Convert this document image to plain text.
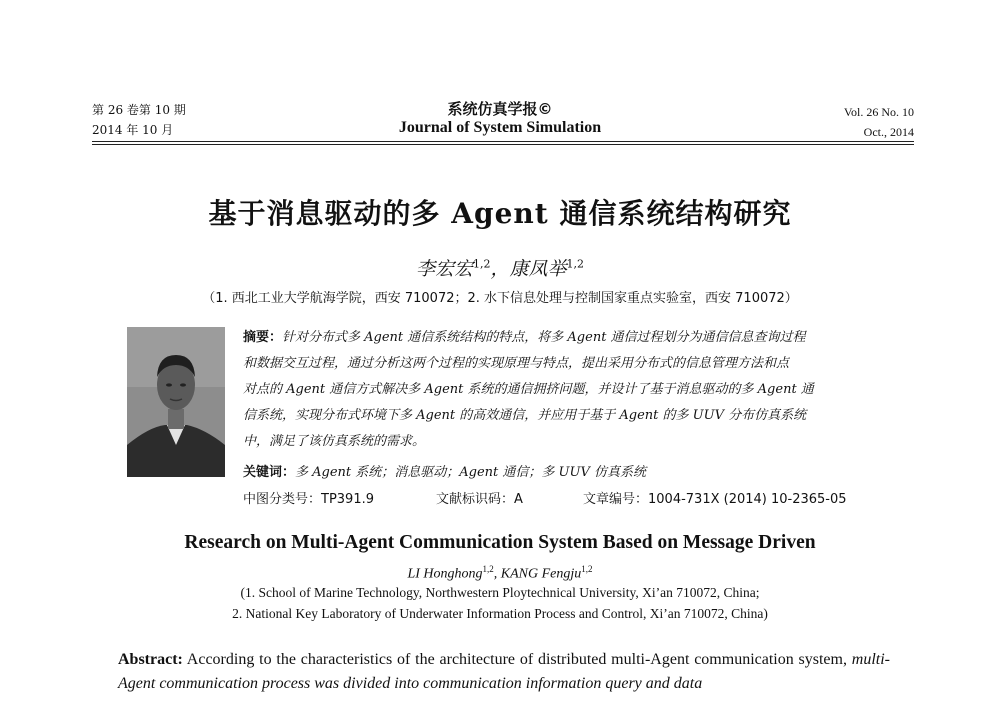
第 26 卷第 10 期
2014 年 10 月
系统仿真学报©
Journal of System Simulation
Vol. 26 No. 10
Oct., 2014
基于消息驱动的多 Agent 通信系统结构研究
李宏宏$^{1,2}$，康凤举$^{1,2}$
（1. 西北工业大学航海学院，西安 710072；2. 水下信息处理与控制国家重点实验室，西安 710072）
摘要：针对分布式多 Agent 通信系统结构的特点，将多 Agent 通信过程划分为通信信息查询过程
和数据交互过程，通过分析这两个过程的实现原理与特点，提出采用分布式的信息管理方法和点
对点的 Agent 通信方式解决多 Agent 系统的通信拥挤问题，并设计了基于消息驱动的多 Agent 通
信系统，实现分布式环境下多 Agent 的高效通信，并应用于基于 Agent 的多 UUV 分布仿真系统
中，满足了该仿真系统的需求。
关键词：多 Agent 系统；消息驱动；Agent 通信；多 UUV 仿真系统
中图分类号：TP391.9	文献标识码：A	文章编号：1004-731X (2014) 10-2365-05
Research on Multi-Agent Communication System Based on Message Driven
LI Honghong$^{1,2}$, KANG Fengju$^{1,2}$
(1. School of Marine Technology, Northwestern Ploytechnical University, Xi’an 710072, China;
2. National Key Laboratory of Underwater Information Process and Control, Xi’an 710072, China)
Abstract: According to the characteristics of the architecture of distributed multi-Agent communication system, multi-Agent communication process was divided into communication information query and data
